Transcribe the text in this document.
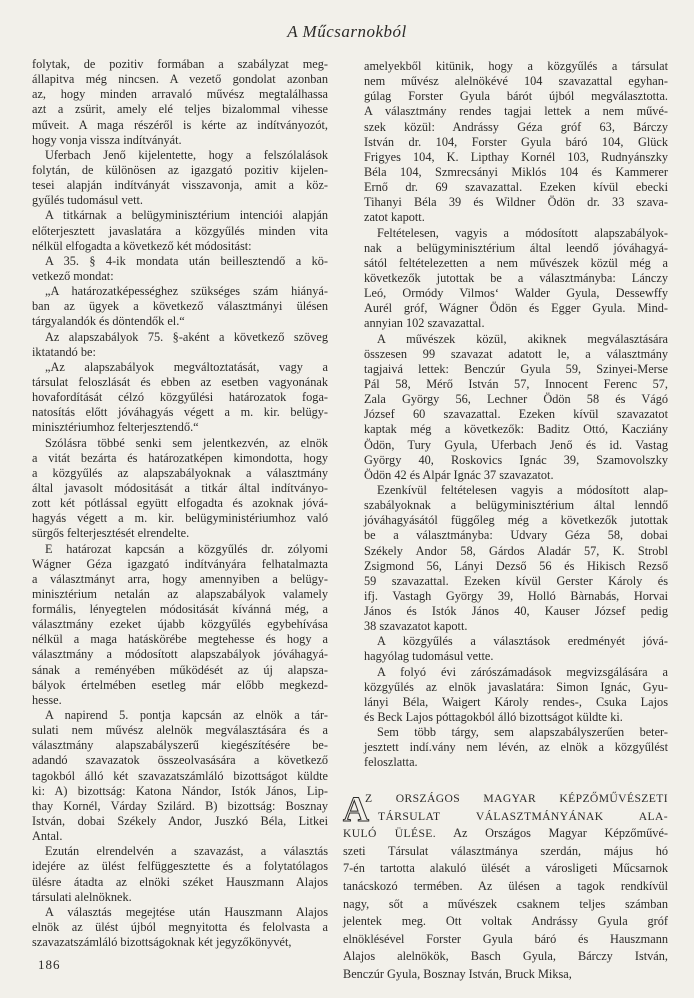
A Műcsarnokból
folytak, de pozitiv formában a szabályzat meg-
állapitva még nincsen. A vezető gondolat azonban
az, hogy minden arravaló művész megtalálhassa
azt a zsürit, amely elé teljes bizalommal vihesse
műveit. A maga részéről is kérte az indítványozót,
hogy vonja vissza indítványát.
Uferbach Jenő kijelentette, hogy a felszólalások
folytán, de különösen az igazgató pozitiv kijelen-
tesei alapján indítványát visszavonja, amit a köz-
gyűlés tudomásul vett.
A titkárnak a belügyminisztérium intenciói alapján
előterjesztett javaslatára a közgyűlés minden vita
nélkül elfogadta a következő két módositást:
A 35. § 4-ik mondata után beillesztendő a kö-
vetkező mondat:
„A határozatképességhez szükséges szám hiányá-
ban az ügyek a következő választmányi ülésen
tárgyalandók és döntendők el.“
Az alapszabályok 75. §-aként a következő szöveg
iktatandó be:
„Az alapszabályok megváltoztatását, vagy a
társulat feloszlását és ebben az esetben vagyonának
hovafordítását célzó közgyűlési határozatok foga-
natosítás előtt jóváhagyás végett a m. kir. belügy-
minisztériumhoz felterjesztendő.“
Szólásra többé senki sem jelentkezvén, az elnök
a vitát bezárta és határozatképen kimondotta, hogy
a közgyűlés az alapszabályoknak a választmány
által javasolt módositását a titkár által indítványo-
zott két pótlással együtt elfogadta és azoknak jóvá-
hagyás végett a m. kir. belügyministériumhoz való
sürgős felterjesztését elrendelte.
E határozat kapcsán a közgyűlés dr. zólyomi
Wágner Géza igazgató indítványára felhatalmazta
a választmányt arra, hogy amennyiben a belügy-
minisztérium netalán az alapszabályok valamely
formális, lényegtelen módositását kívánná még, a
választmány ezeket újabb közgyűlés egybehívása
nélkül a maga hatáskörébe megtehesse és hogy a
választmány a módosított alapszabályok jóváhagyá-
sának a reményében működését az új alapsza-
bályok értelmében esetleg már előbb megkezd-
hesse.
A napirend 5. pontja kapcsán az elnök a tár-
sulati nem művész alelnök megválasztására és a
választmány alapszabályszerű kiegészítésére be-
adandó szavazatok összeolvasására a következő
tagokból álló két szavazatszámláló bizottságot küldte
ki: A) bizottság: Katona Nándor, Istók János, Lip-
thay Kornél, Várday Szilárd. B) bizottság: Bosznay
István, dobai Székely Andor, Juszkó Béla, Litkei
Antal.
Ezután elrendelvén a szavazást, a választás
idejére az ülést felfüggesztette és a folytatólagos
ülésre átadta az elnöki széket Hauszmann Alajos
társulati alelnöknek.
A választás megejtése után Hauszmann Alajos
elnök az ülést újból megnyitotta és felolvasta a
szavazatszámláló bizottságoknak két jegyzőkönyvét,
amelyekből kitünik, hogy a közgyűlés a társulat
nem művész alelnökévé 104 szavazattal egyhan-
gúlag Forster Gyula bárót újból megválasztotta.
A választmány rendes tagjai lettek a nem művé-
szek közül: Andrássy Géza gróf 63, Bárczy
István dr. 104, Forster Gyula báró 104, Glück
Frigyes 104, K. Lipthay Kornél 103, Rudnyánszky
Béla 104, Szmrecsányi Miklós 104 és Kammerer
Ernő dr. 69 szavazattal. Ezeken kívül ebecki
Tihanyi Béla 39 és Wildner Ödön dr. 33 szava-
zatot kapott.
Feltételesen, vagyis a módosított alapszabályok-
nak a belügyminisztérium által leendő jóváhagyá-
sától feltételezetten a nem művészek közül még a
következők jutottak be a választmányba: Lánczy
Leó, Ormódy Vilmos‘ Walder Gyula, Dessewffy
Aurél gróf, Wágner Ödön és Egger Gyula. Mind-
annyian 102 szavazattal.
A művészek közül, akiknek megválasztására
összesen 99 szavazat adatott le, a választmány
tagjaivá lettek: Benczúr Gyula 59, Szinyei-Merse
Pál 58, Mérő István 57, Innocent Ferenc 57,
Zala György 56, Lechner Ödön 58 és Vágó
József 60 szavazattal. Ezeken kívül szavazatot
kaptak még a következők: Baditz Ottó, Kacziány
Ödön, Tury Gyula, Uferbach Jenő és id. Vastag
György 40, Roskovics Ignác 39, Szamovolszky
Ödön 42 és Alpár Ignác 37 szavazatot.
Ezenkívül feltételesen vagyis a módosított alap-
szabályoknak a belügyminisztérium által lenndő
jóváhagyásától függőleg még a következők jutottak
be a választmányba: Udvary Géza 58, dobai
Székely Andor 58, Gárdos Aladár 57, K. Strobl
Zsigmond 56, Lányi Dezső 56 és Hikisch Rezső
59 szavazattal. Ezeken kívül Gerster Károly és
ifj. Vastagh György 39, Holló Bàrnabás, Horvai
János és Istók János 40, Kauser József pedig
38 szavazatot kapott.
A közgyűlés a választások eredményét jóvá-
hagyólag tudomásul vette.
A folyó évi zárószámadások megvizsgálására a
közgyűlés az elnök javaslatára: Simon Ignác, Gyu-
lányi Béla, Waigert Károly rendes-, Csuka Lajos
és Beck Lajos póttagokból álló bizottságot küldte ki.
Sem több tárgy, sem alapszabályszerűen beter-
jesztett indí.vány nem lévén, az elnök a közgyűlést
feloszlatta.
A
Z ORSZÁGOS MAGYAR KÉPZŐMŰVÉSZETI
TÁRSULAT VÁLASZTMÁNYÁNAK ALA-
KULÓ ÜLÉSE. Az Országos Magyar Képzőművé-
szeti Társulat választmánya szerdán, május hó
7-én tartotta alakuló ülését a városligeti Műcsarnok
tanácskozó termében. Az ülésen a tagok rendkívül
nagy, sőt a művészek csaknem teljes számban
jelentek meg. Ott voltak Andrássy Gyula gróf
elnöklésével Forster Gyula báró és Hauszmann
Alajos alelnökök, Basch Gyula, Bárczy István,
Benczúr Gyula, Bosznay István, Bruck Miksa,
186
